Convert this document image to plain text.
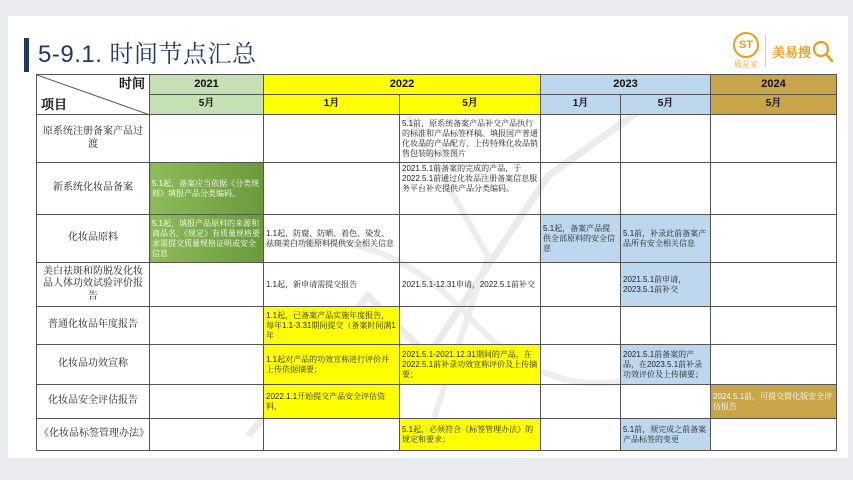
5-9.1. 时间节点汇总	ST
质是家
美易搜
时间
项目	2021	2022		2023		2024
	5月	1月	5月	1月	5月	5月
原系统注册备案产品过渡			5.1前，原系统备案产品补交产品执行的标准和产品标签样稿、填报国产普通化妆品的产品配方、上传特殊化妆品销售包装的标签图片			
新系统化妆品备案	5.1起，备案应当依据《分类规则》填报产品分类编码。		2021.5.1前备案的完成的产品，于2022.5.1前通过化妆品注册备案信息服务平台补充提供产品分类编码。			
化妆品原料	5.1起，填报产品原料的来源和商品名，《规定》有质量规格要求需提交质量规格证明或安全信息	1.1起，防腐、防晒、着色、染发、祛斑美白功能原料提供安全相关信息		5.1起，备案产品提供全部原料的安全信息	5.1前，补录此前备案产品所有安全相关信息	
美白祛斑和防脱发化妆品人体功效试验评价报告		1.1起，新申请需提交报告	2021.5.1-12.31申请，2022.5.1前补交		2021.5.1前申请，2023.5.1前补交	
普通化妆品年度报告		1.1起，已备案产品实施年度报告，每年1.1-3.31期间提交（备案时间满1年				
化妆品功效宣称		1.1起对产品的功效宣称进行评价并上传依据摘要；	2021.5.1-2021.12.31期间的产品，在2022.5.1前补录功效宣称评价及上传摘要；		2021.5.1前备案的产品，在2023.5.1前补录功效评价及上传摘要；	
化妆品安全评估报告		2022.1.1开始提交产品安全评估资料，				2024.5.1前，可提交简化版安全评估报告
《化妆品标签管理办法》			5.1起，必须符合《标签管理办法》的规定和要求；		5.1前，须完成之前备案产品标签的变更	
